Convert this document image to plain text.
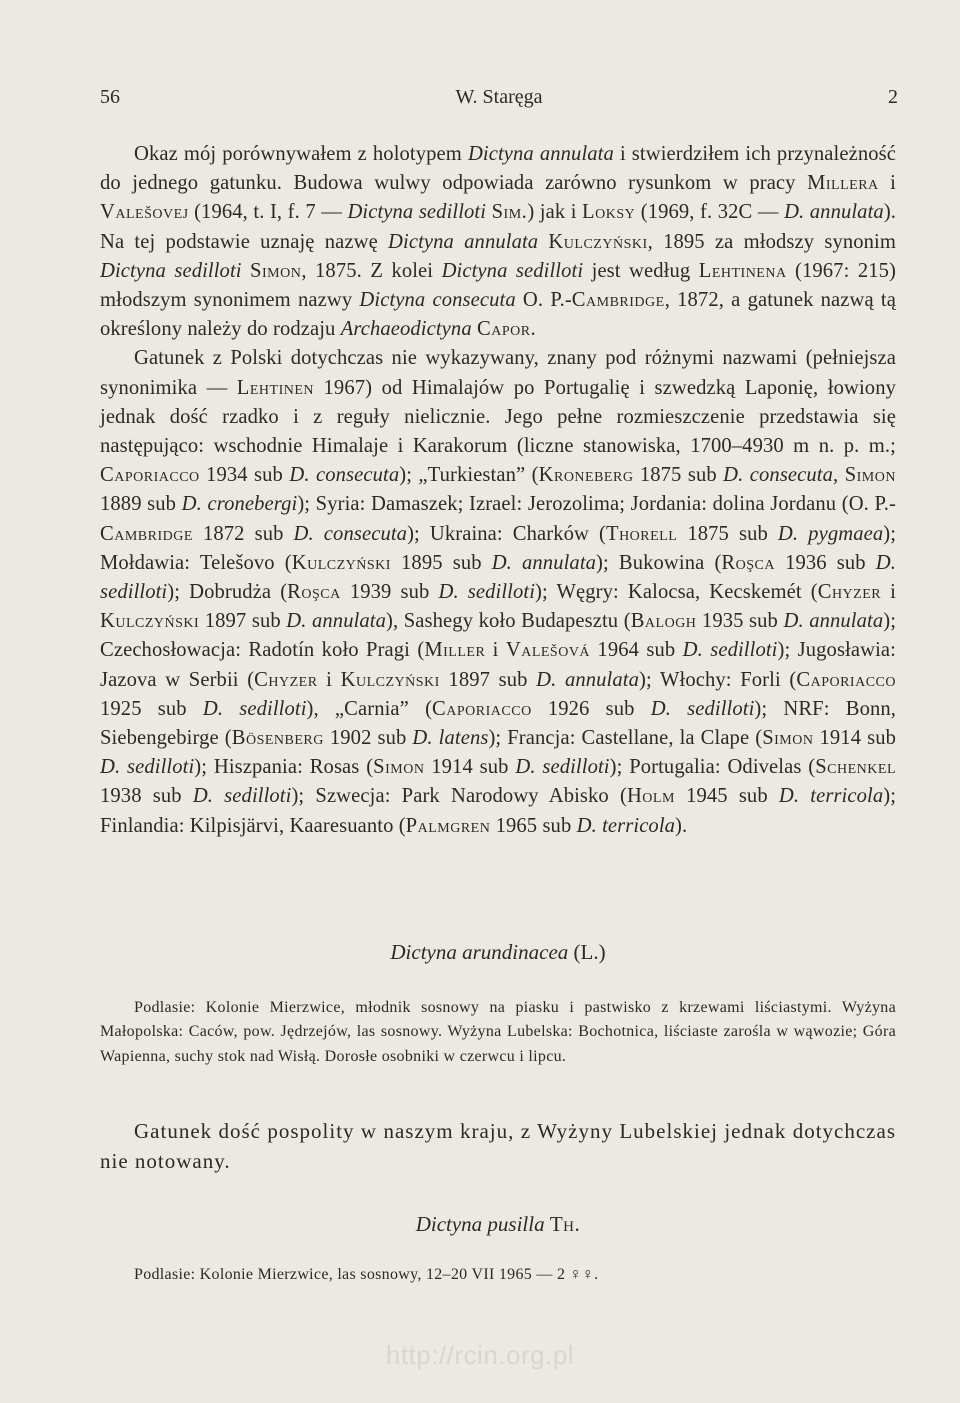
56	W. Staręga	2

Okaz mój porównywałem z holotypem Dictyna annulata i stwierdziłem ich przynależność do jednego gatunku. Budowa wulwy odpowiada zarówno rysunkom w pracy Millera i Valešovej (1964, t. I, f. 7 — Dictyna sedilloti Sim.) jak i Loksy (1969, f. 32C — D. annulata). Na tej podstawie uznaję nazwę Dictyna annulata Kulczyński, 1895 za młodszy synonim Dictyna sedilloti Simon, 1875. Z kolei Dictyna sedilloti jest według Lehtinena (1967: 215) młodszym synonimem nazwy Dictyna consecuta O. P.-Cambridge, 1872, a gatunek nazwą tą określony należy do rodzaju Archaeodictyna Capor.

Gatunek z Polski dotychczas nie wykazywany, znany pod różnymi nazwami (pełniejsza synonimika — Lehtinen 1967) od Himalajów po Portugalię i szwedzką Laponię, łowiony jednak dość rzadko i z reguły nielicznie. Jego pełne rozmieszczenie przedstawia się następująco: wschodnie Himalaje i Karakorum (liczne stanowiska, 1700–4930 m n. p. m.; Caporiacco 1934 sub D. consecuta); „Turkiestan” (Kroneberg 1875 sub D. consecuta, Simon 1889 sub D. cronebergi); Syria: Damaszek; Izrael: Jerozolima; Jordania: dolina Jordanu (O. P.-Cambridge 1872 sub D. consecuta); Ukraina: Charków (Thorell 1875 sub D. pygmaea); Mołdawia: Telešovo (Kulczyński 1895 sub D. annulata); Bukowina (Roşca 1936 sub D. sedilloti); Dobrudża (Roşca 1939 sub D. sedilloti); Węgry: Kalocsa, Kecskemét (Chyzer i Kulczyński 1897 sub D. annulata), Sashegy koło Budapesztu (Balogh 1935 sub D. annulata); Czechosłowacja: Radotín koło Pragi (Miller i Valešová 1964 sub D. sedilloti); Jugosławia: Jazova w Serbii (Chyzer i Kulczyński 1897 sub D. annulata); Włochy: Forli (Caporiacco 1925 sub D. sedilloti), „Carnia” (Caporiacco 1926 sub D. sedilloti); NRF: Bonn, Siebengebirge (Bösenberg 1902 sub D. latens); Francja: Castellane, la Clape (Simon 1914 sub D. sedilloti); Hiszpania: Rosas (Simon 1914 sub D. sedilloti); Portugalia: Odivelas (Schenkel 1938 sub D. sedilloti); Szwecja: Park Narodowy Abisko (Holm 1945 sub D. terricola); Finlandia: Kilpisjärvi, Kaaresuanto (Palmgren 1965 sub D. terricola).

Dictyna arundinacea (L.)

Podlasie: Kolonie Mierzwice, młodnik sosnowy na piasku i pastwisko z krzewami liściastymi. Wyżyna Małopolska: Caców, pow. Jędrzejów, las sosnowy. Wyżyna Lubelska: Bochotnica, liściaste zarośla w wąwozie; Góra Wapienna, suchy stok nad Wisłą. Dorosłe osobniki w czerwcu i lipcu.

Gatunek dość pospolity w naszym kraju, z Wyżyny Lubelskiej jednak dotychczas nie notowany.

Dictyna pusilla Th.

Podlasie: Kolonie Mierzwice, las sosnowy, 12–20 VII 1965 — 2 ♀♀.

http://rcin.org.pl
